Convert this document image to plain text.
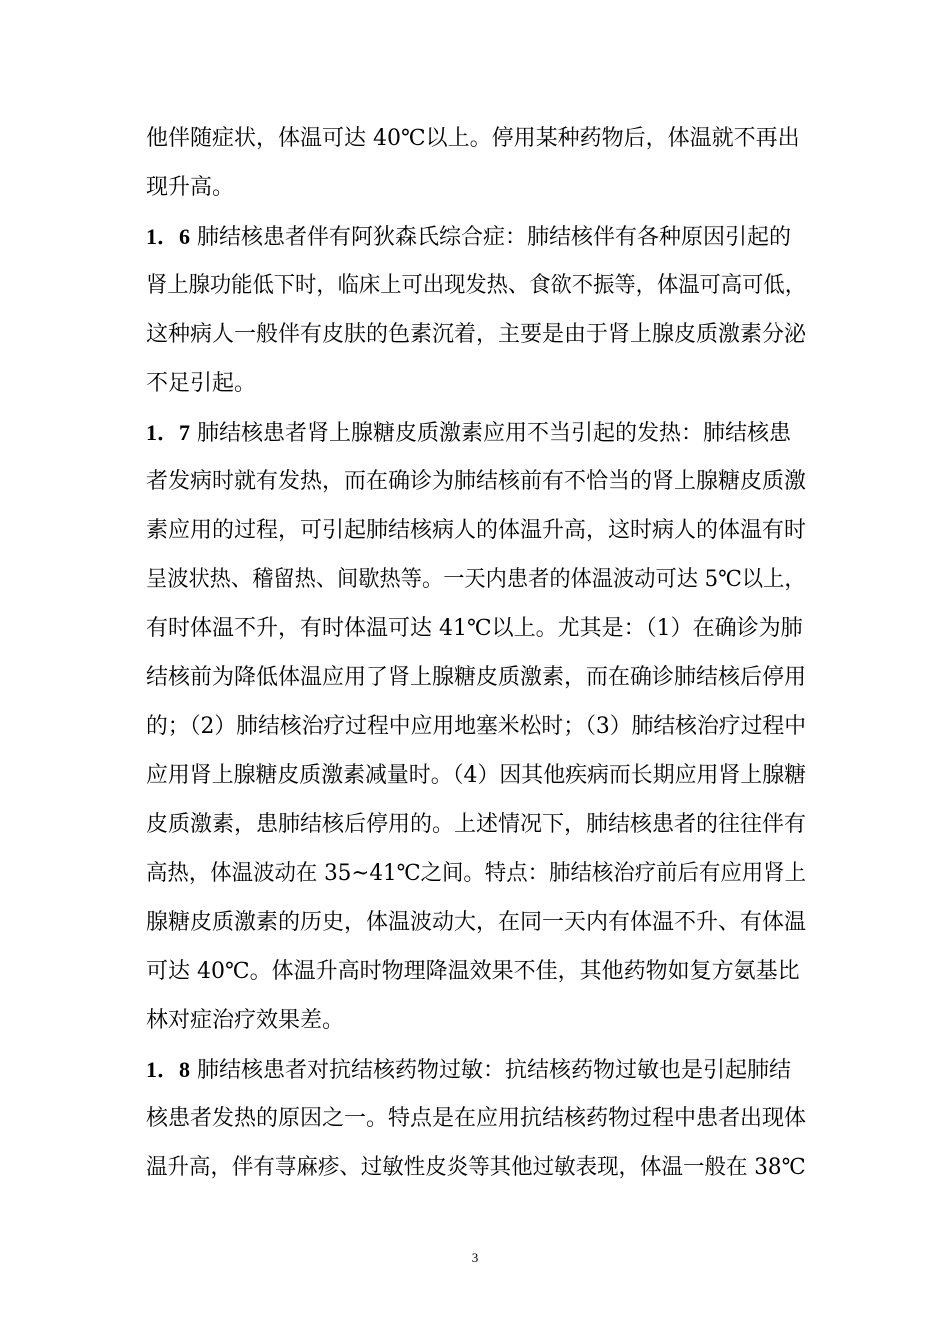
他伴随症状，体温可达 40℃以上。停用某种药物后，体温就不再出
现升高。
1．6 肺结核患者伴有阿狄森氏综合症：肺结核伴有各种原因引起的
肾上腺功能低下时，临床上可出现发热、食欲不振等，体温可高可低，
这种病人一般伴有皮肤的色素沉着，主要是由于肾上腺皮质激素分泌
不足引起。
1．7 肺结核患者肾上腺糖皮质激素应用不当引起的发热：肺结核患
者发病时就有发热，而在确诊为肺结核前有不恰当的肾上腺糖皮质激
素应用的过程，可引起肺结核病人的体温升高，这时病人的体温有时
呈波状热、稽留热、间歇热等。一天内患者的体温波动可达 5℃以上，
有时体温不升，有时体温可达 41℃以上。尤其是：（1）在确诊为肺
结核前为降低体温应用了肾上腺糖皮质激素，而在确诊肺结核后停用
的；（2）肺结核治疗过程中应用地塞米松时；（3）肺结核治疗过程中
应用肾上腺糖皮质激素减量时。（4）因其他疾病而长期应用肾上腺糖
皮质激素，患肺结核后停用的。上述情况下，肺结核患者的往往伴有
高热，体温波动在 35~41℃之间。特点：肺结核治疗前后有应用肾上
腺糖皮质激素的历史，体温波动大，在同一天内有体温不升、有体温
可达 40℃。体温升高时物理降温效果不佳，其他药物如复方氨基比
林对症治疗效果差。
1．8 肺结核患者对抗结核药物过敏：抗结核药物过敏也是引起肺结
核患者发热的原因之一。特点是在应用抗结核药物过程中患者出现体
温升高，伴有荨麻疹、过敏性皮炎等其他过敏表现，体温一般在 38℃
3
